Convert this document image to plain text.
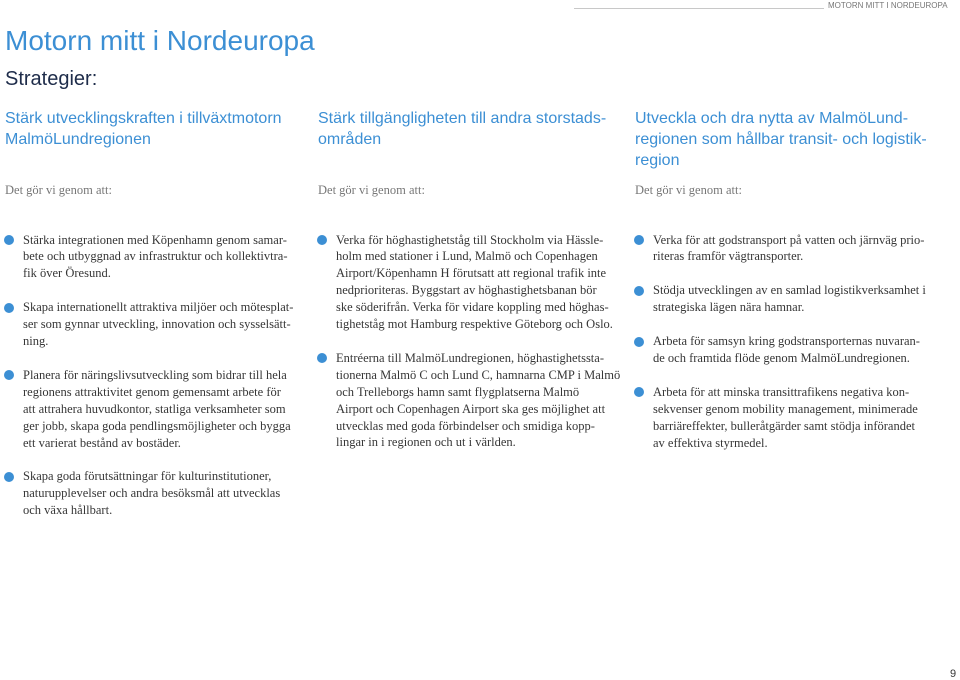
MOTORN MITT I NORDEUROPA
Motorn mitt i Nordeuropa
Strategier:
Stärk utvecklingskraften i tillväxtmotorn
MalmöLundregionen
Det gör vi genom att:
Stärka integrationen med Köpenhamn genom samar-
bete och utbyggnad av infrastruktur och kollektivtra-
fik över Öresund.
Skapa internationellt attraktiva miljöer och mötesplat-
ser som gynnar utveckling, innovation och sysselsätt-
ning.
Planera för näringslivsutveckling som bidrar till hela
regionens attraktivitet genom gemensamt arbete för
att attrahera huvudkontor, statliga verksamheter som
ger jobb, skapa goda pendlingsmöjligheter och bygga
ett varierat bestånd av bostäder.
Skapa goda förutsättningar för kulturinstitutioner,
naturupplevelser och andra besöksmål att utvecklas
och växa hållbart.
Stärk tillgängligheten till andra storstads-
områden
Det gör vi genom att:
Verka för höghastighetståg till Stockholm via Hässle-
holm med stationer i Lund, Malmö och Copenhagen
Airport/Köpenhamn H förutsatt att regional trafik inte
nedprioriteras. Byggstart av höghastighetsbanan bör
ske söderifrån. Verka för vidare koppling med höghas-
tighetståg mot Hamburg respektive Göteborg och Oslo.
Entréerna till MalmöLundregionen, höghastighetssta-
tionerna Malmö C och Lund C, hamnarna CMP i Malmö
och Trelleborgs hamn samt flygplatserna Malmö
Airport och Copenhagen Airport ska ges möjlighet att
utvecklas med goda förbindelser och smidiga kopp-
lingar in i regionen och ut i världen.
Utveckla och dra nytta av MalmöLund-
regionen som hållbar transit- och logistik-
region
Det gör vi genom att:
Verka för att godstransport på vatten och järnväg prio-
riteras framför vägtransporter.
Stödja utvecklingen av en samlad logistikverksamhet i
strategiska lägen nära hamnar.
Arbeta för samsyn kring godstransporternas nuvaran-
de och framtida flöde genom MalmöLundregionen.
Arbeta för att minska transittrafikens negativa kon-
sekvenser genom mobility management, minimerade
barriäreffekter, bulleråtgärder samt stödja införandet
av effektiva styrmedel.
9
